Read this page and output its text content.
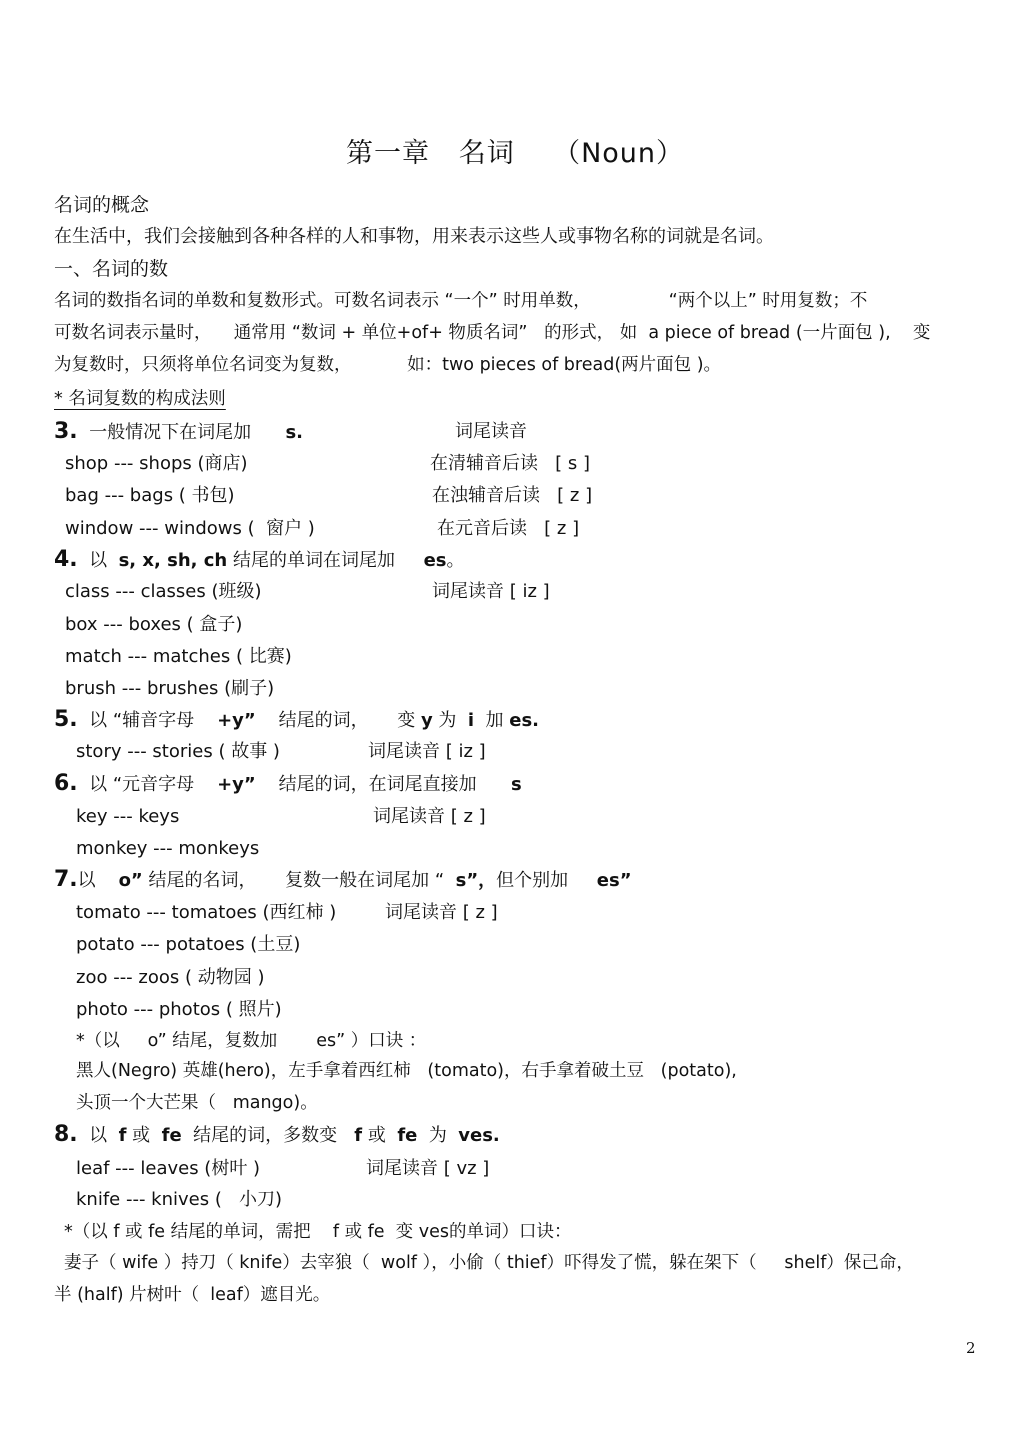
第一章   名词    （Noun）
名词的概念
在生活中，我们会接触到各种各样的人和事物，用来表示这些人或事物名称的词就是名词。
一、名词的数
名词的数指名词的单数和复数形式。可数名词表示 “一个” 时用单数，              “两个以上” 时用复数；不
可数名词表示量时，    通常用 “数词 + 单位+of+ 物质名词”   的形式， 如  a piece of bread (一片面包 ),    变
为复数时，只须将单位名词变为复数，          如：two pieces of bread(两片面包 )。
* 名词复数的构成法则
3. 一般情况下在词尾加 s.	词尾读音
shop --- shops (商店)	在清辅音后读   [ s ]
bag --- bags ( 书包)	在浊辅音后读   [ z ]
window --- windows (  窗户 )	在元音后读   [ z ]
4. 以 s, x, sh, ch 结尾的单词在词尾加 es。
class --- classes (班级)	词尾读音 [ iz ]
box --- boxes ( 盒子)
match --- matches ( 比赛)
brush --- brushes (刷子)
5. 以 “辅音字母 +y” 结尾的词，     变 y 为 i 加 es.
story --- stories ( 故事 )	词尾读音 [ iz ]
6. 以 “元音字母 +y” 结尾的词，在词尾直接加 s
key --- keys	词尾读音 [ z ]
monkey --- monkeys
7.以 o” 结尾的名词，     复数一般在词尾加 “ s”，但个别加 es”
tomato --- tomatoes (西红柿 )	词尾读音 [ z ]
potato --- potatoes (土豆)
zoo --- zoos ( 动物园 )
photo --- photos ( 照片)
*（以     o” 结尾，复数加       es” ）口诀 ：
黑人(Negro) 英雄(hero)，左手拿着西红柿   (tomato)，右手拿着破土豆   (potato),
头顶一个大芒果（   mango)。
8. 以 f 或 fe 结尾的词，多数变 f 或 fe 为 ves.
leaf --- leaves (树叶 )	词尾读音 [ vz ]
knife --- knives (   小刀)
*（以 f 或 fe 结尾的单词，需把    f 或 fe  变 ves的单词）口诀：
妻子（ wife ）持刀（ knife）去宰狼（  wolf ），小偷（ thief）吓得发了慌，躲在架下（     shelf）保己命，
半 (half) 片树叶（  leaf）遮目光。
2
